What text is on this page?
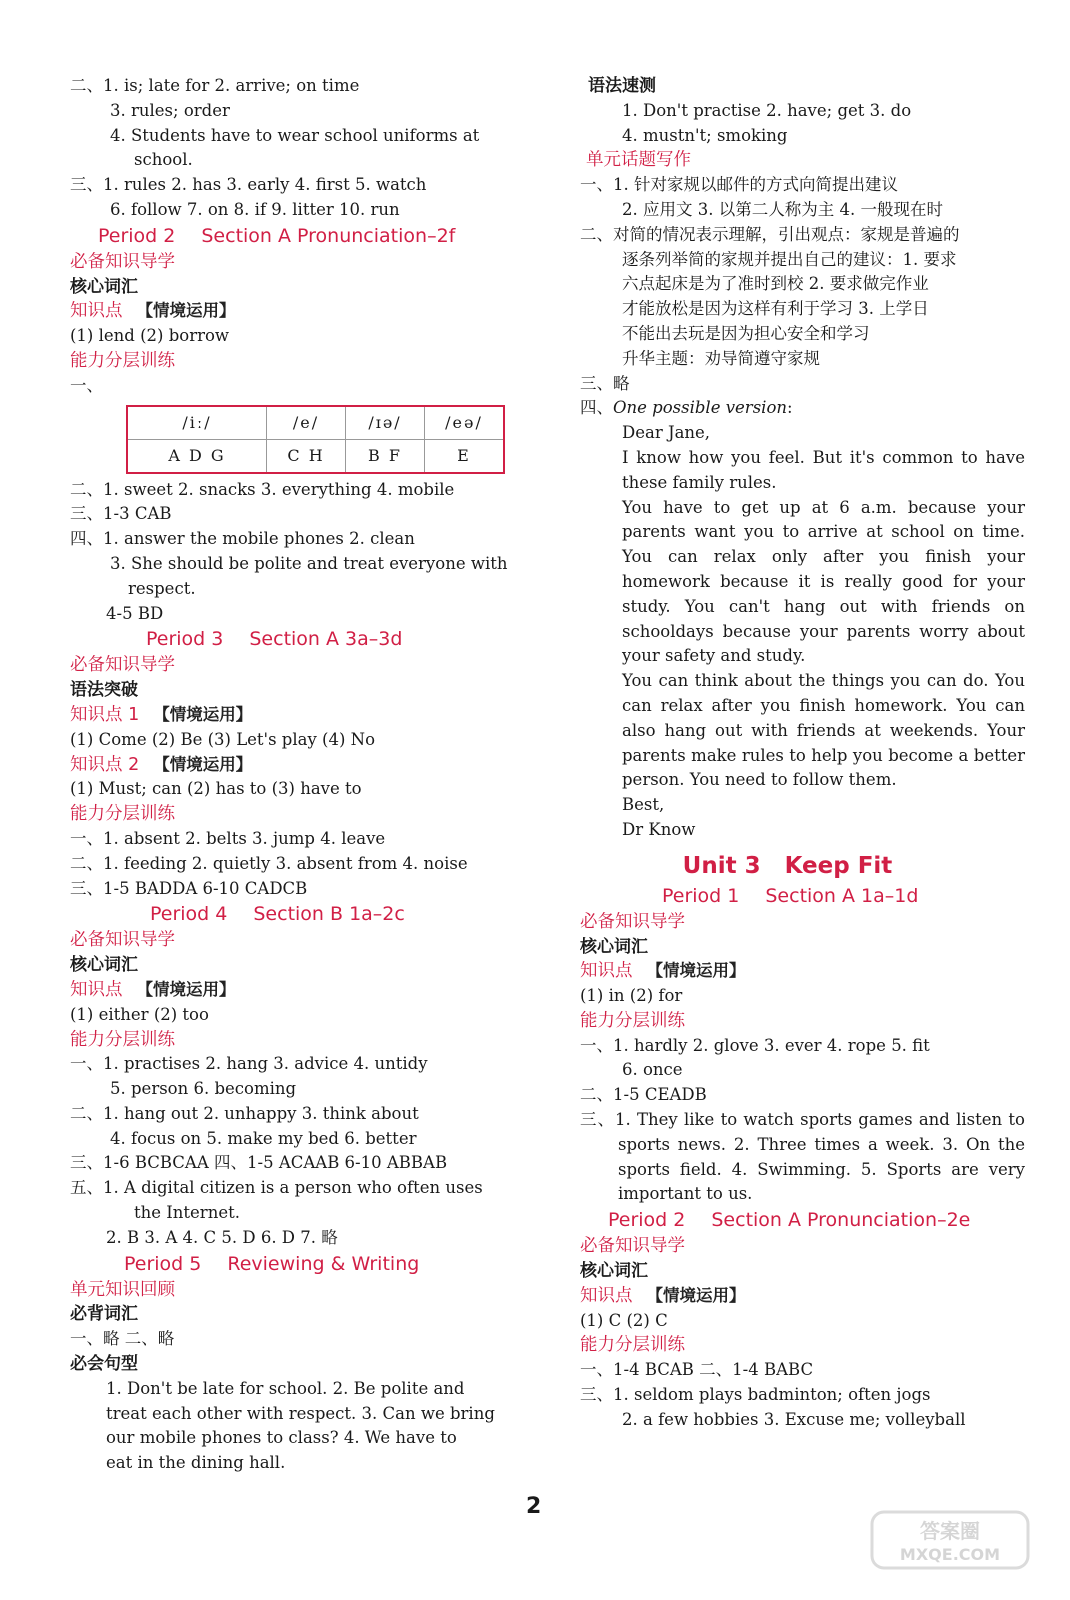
二、1. is; late for 2. arrive; on time
3. rules; order
4. Students have to wear school uniforms at
school.
三、1. rules 2. has 3. early 4. first 5. watch
6. follow 7. on 8. if 9. litter 10. run
Period 2 Section A Pronunciation–2f
必备知识导学
核心词汇
知识点 【情境运用】
(1) lend (2) borrow
能力分层训练
一、
/iː/	/e/	/ɪə/	/eə/
A D G	C H	B F	E
二、1. sweet 2. snacks 3. everything 4. mobile
三、1-3 CAB
四、1. answer the mobile phones 2. clean
3. She should be polite and treat everyone with
respect.
4-5 BD
Period 3 Section A 3a–3d
必备知识导学
语法突破
知识点 1 【情境运用】
(1) Come (2) Be (3) Let's play (4) No
知识点 2 【情境运用】
(1) Must; can (2) has to (3) have to
能力分层训练
一、1. absent 2. belts 3. jump 4. leave
二、1. feeding 2. quietly 3. absent from 4. noise
三、1-5 BADDA 6-10 CADCB
Period 4 Section B 1a–2c
必备知识导学
核心词汇
知识点 【情境运用】
(1) either (2) too
能力分层训练
一、1. practises 2. hang 3. advice 4. untidy
5. person 6. becoming
二、1. hang out 2. unhappy 3. think about
4. focus on 5. make my bed 6. better
三、1-6 BCBCAA 四、1-5 ACAAB 6-10 ABBAB
五、1. A digital citizen is a person who often uses
the Internet.
2. B 3. A 4. C 5. D 6. D 7. 略
Period 5 Reviewing & Writing
单元知识回顾
必背词汇
一、略 二、略
必会句型
1. Don't be late for school. 2. Be polite and
treat each other with respect. 3. Can we bring
our mobile phones to class? 4. We have to
eat in the dining hall.
语法速测
1. Don't practise 2. have; get 3. do
4. mustn't; smoking
单元话题写作
一、1. 针对家规以邮件的方式向简提出建议
2. 应用文 3. 以第二人称为主 4. 一般现在时
二、对简的情况表示理解，引出观点：家规是普遍的
逐条列举简的家规并提出自己的建议：1. 要求
六点起床是为了准时到校 2. 要求做完作业
才能放松是因为这样有利于学习 3. 上学日
不能出去玩是因为担心安全和学习
升华主题：劝导简遵守家规
三、略
四、One possible version:
Dear Jane,
I know how you feel. But it's common to have these family rules.
You have to get up at 6 a.m. because your parents want you to arrive at school on time. You can relax only after you finish your homework because it is really good for your study. You can't hang out with friends on schooldays because your parents worry about your safety and study.
You can think about the things you can do. You can relax after you finish homework. You can also hang out with friends at weekends. Your parents make rules to help you become a better person. You need to follow them.
Best,
Dr Know
Unit 3 Keep Fit
Period 1 Section A 1a–1d
必备知识导学
核心词汇
知识点 【情境运用】
(1) in (2) for
能力分层训练
一、1. hardly 2. glove 3. ever 4. rope 5. fit
6. once
二、1-5 CEADB
三、1. They like to watch sports games and listen to sports news. 2. Three times a week. 3. On the sports field. 4. Swimming. 5. Sports are very important to us.
Period 2 Section A Pronunciation–2e
必备知识导学
核心词汇
知识点 【情境运用】
(1) C (2) C
能力分层训练
一、1-4 BCAB 二、1-4 BABC
三、1. seldom plays badminton; often jogs
2. a few hobbies 3. Excuse me; volleyball
2
答案圈
MXQE.COM
